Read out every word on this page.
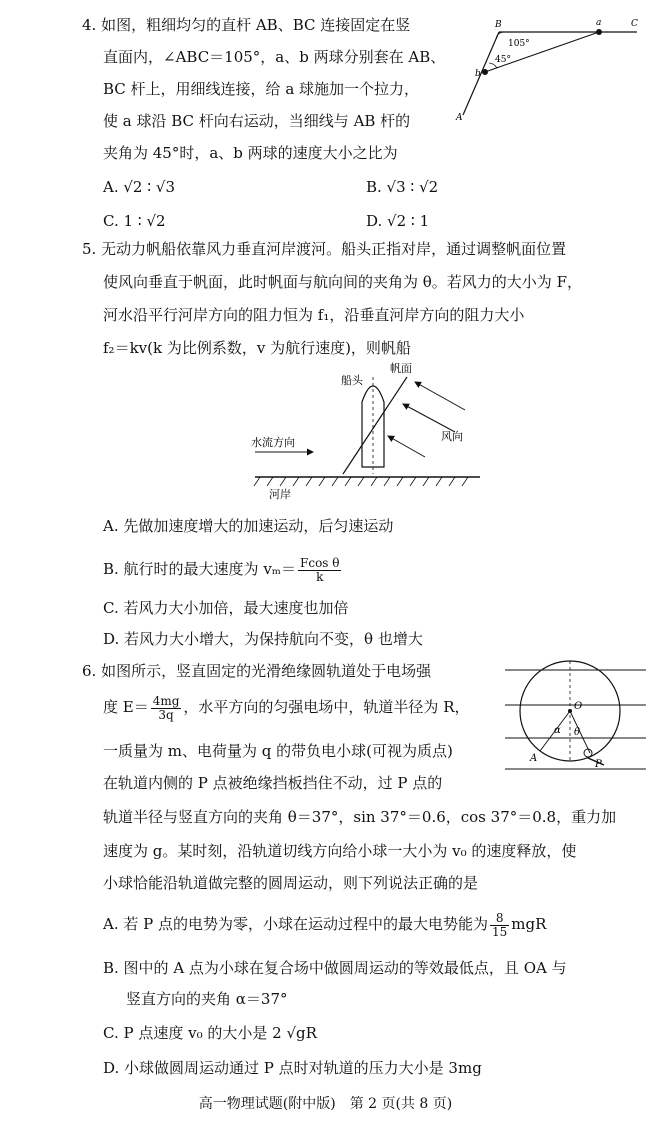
4. 如图，粗细均匀的直杆 AB、BC 连接固定在竖
直面内，∠ABC＝105°，a、b 两球分别套在 AB、
BC 杆上，用细线连接，给 a 球施加一个拉力，
使 a 球沿 BC 杆向右运动，当细线与 AB 杆的
夹角为 45°时，a、b 两球的速度大小之比为
A. √2 ∶ √3	B. √3 ∶ √2
C. 1 ∶ √2	D. √2 ∶ 1
B	a	C
b
A
105°
45°
5. 无动力帆船依靠风力垂直河岸渡河。船头正指对岸，通过调整帆面位置
使风向垂直于帆面，此时帆面与航向间的夹角为 θ。若风力的大小为 F，
河水沿平行河岸方向的阻力恒为 f₁，沿垂直河岸方向的阻力大小
f₂＝kv(k 为比例系数，v 为航行速度)，则帆船
船头
帆面
风向
水流方向
河岸
A. 先做加速度增大的加速运动，后匀速运动
B. 航行时的最大速度为 $v_m= \frac{\text{Fcos θ}}{k}$
C. 若风力大小加倍，最大速度也加倍
D. 若风力大小增大，为保持航向不变，θ 也增大
6. 如图所示，竖直固定的光滑绝缘圆轨道处于电场强
度 $E= \frac{4mg}{3q}$ ，水平方向的匀强电场中，轨道半径为 R，
一质量为 m、电荷量为 q 的带负电小球(可视为质点)
在轨道内侧的 P 点被绝缘挡板挡住不动，过 P 点的
轨道半径与竖直方向的夹角 θ＝37°，sin 37°＝0.6，cos 37°＝0.8，重力加
速度为 g。某时刻，沿轨道切线方向给小球一大小为 v₀ 的速度释放，使
小球恰能沿轨道做完整的圆周运动，则下列说法正确的是
O
A
P
α θ
A. 若 P 点的电势为零，小球在运动过程中的最大电势能为 $\frac{8}{15}$ mgR
B. 图中的 A 点为小球在复合场中做圆周运动的等效最低点，且 OA 与
竖直方向的夹角 α＝37°
C. P 点速度 v₀ 的大小是 2 √gR
D. 小球做圆周运动通过 P 点时对轨道的压力大小是 3mg
高一物理试题(附中版)　第 2 页(共 8 页)
